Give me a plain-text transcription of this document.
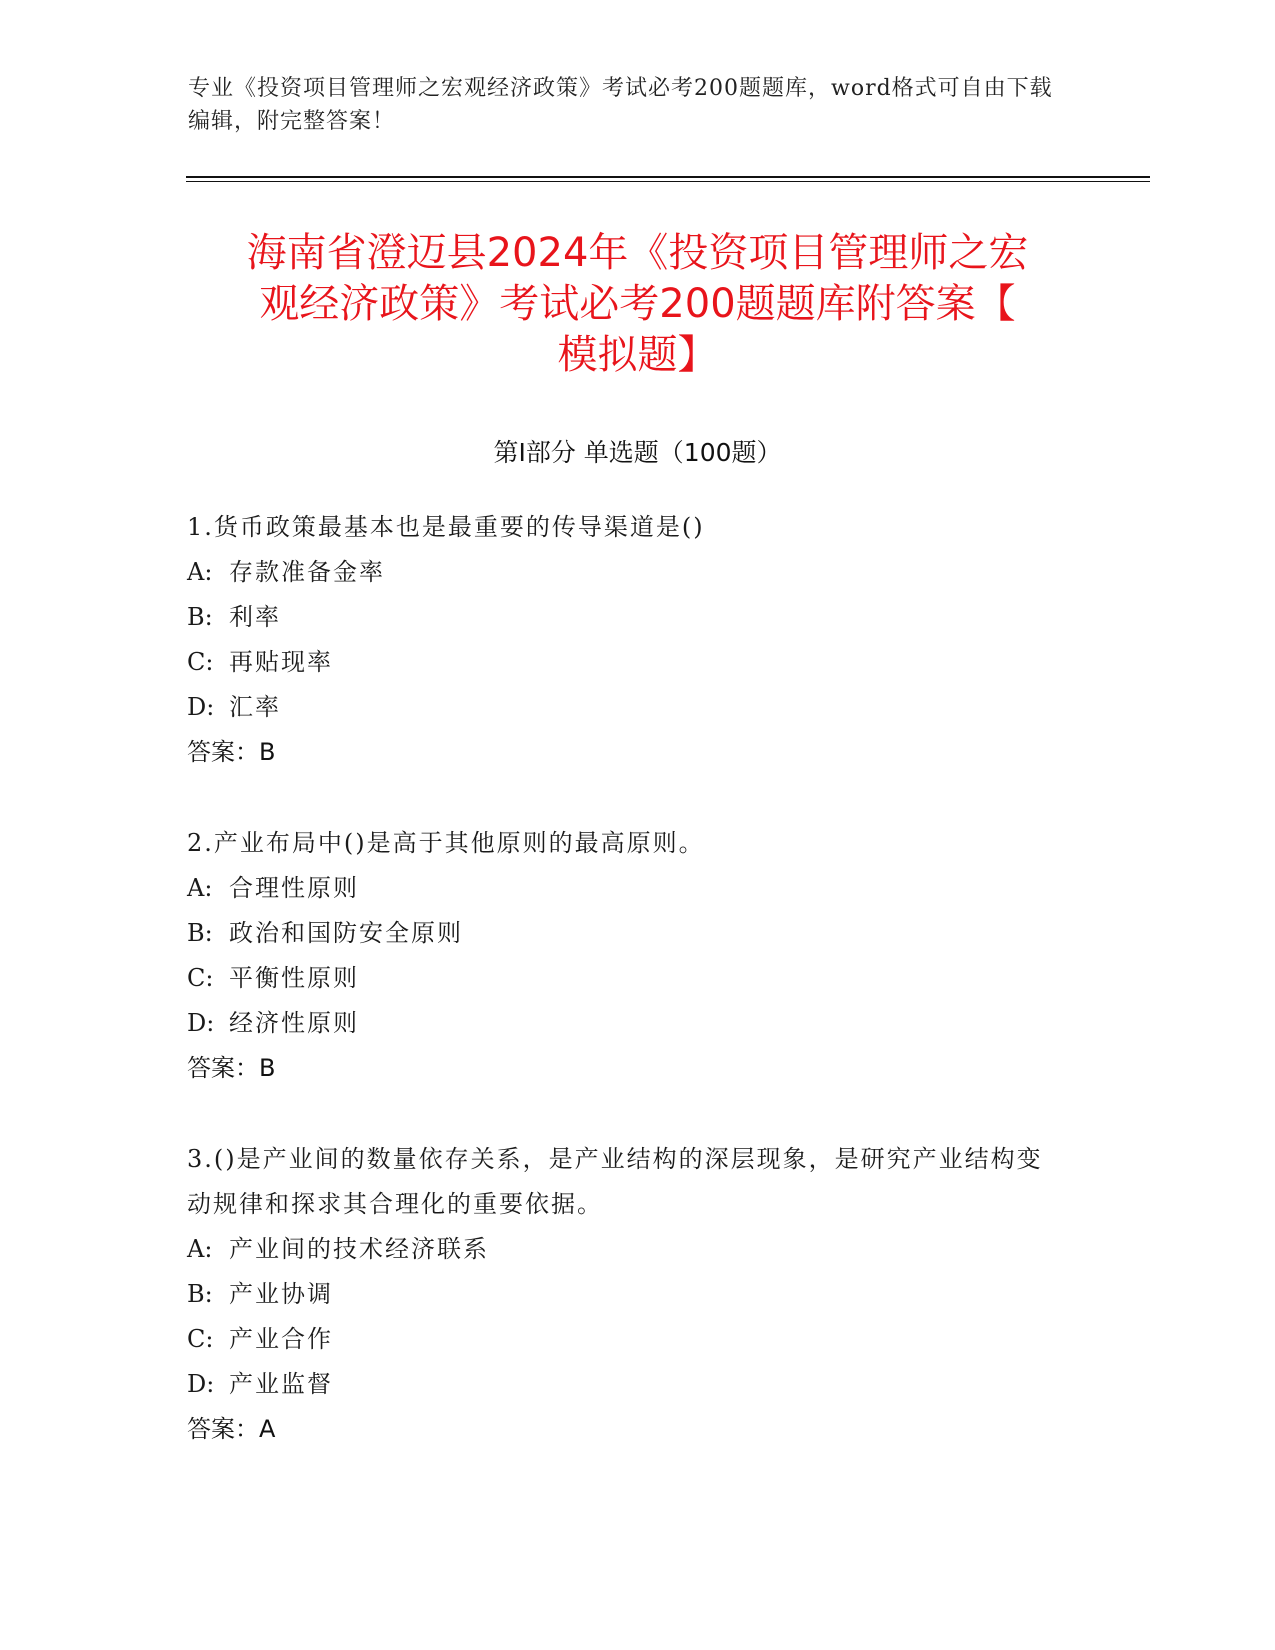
专业《投资项目管理师之宏观经济政策》考试必考200题题库，word格式可自由下载编辑，附完整答案！
海南省澄迈县2024年《投资项目管理师之宏
观经济政策》考试必考200题题库附答案【
模拟题】
第I部分 单选题（100题）
1.货币政策最基本也是最重要的传导渠道是()
A: 存款准备金率
B: 利率
C: 再贴现率
D: 汇率
答案：B
2.产业布局中()是高于其他原则的最高原则。
A: 合理性原则
B: 政治和国防安全原则
C: 平衡性原则
D: 经济性原则
答案：B
3.()是产业间的数量依存关系，是产业结构的深层现象，是研究产业结构变动规律和探求其合理化的重要依据。
A: 产业间的技术经济联系
B: 产业协调
C: 产业合作
D: 产业监督
答案：A
